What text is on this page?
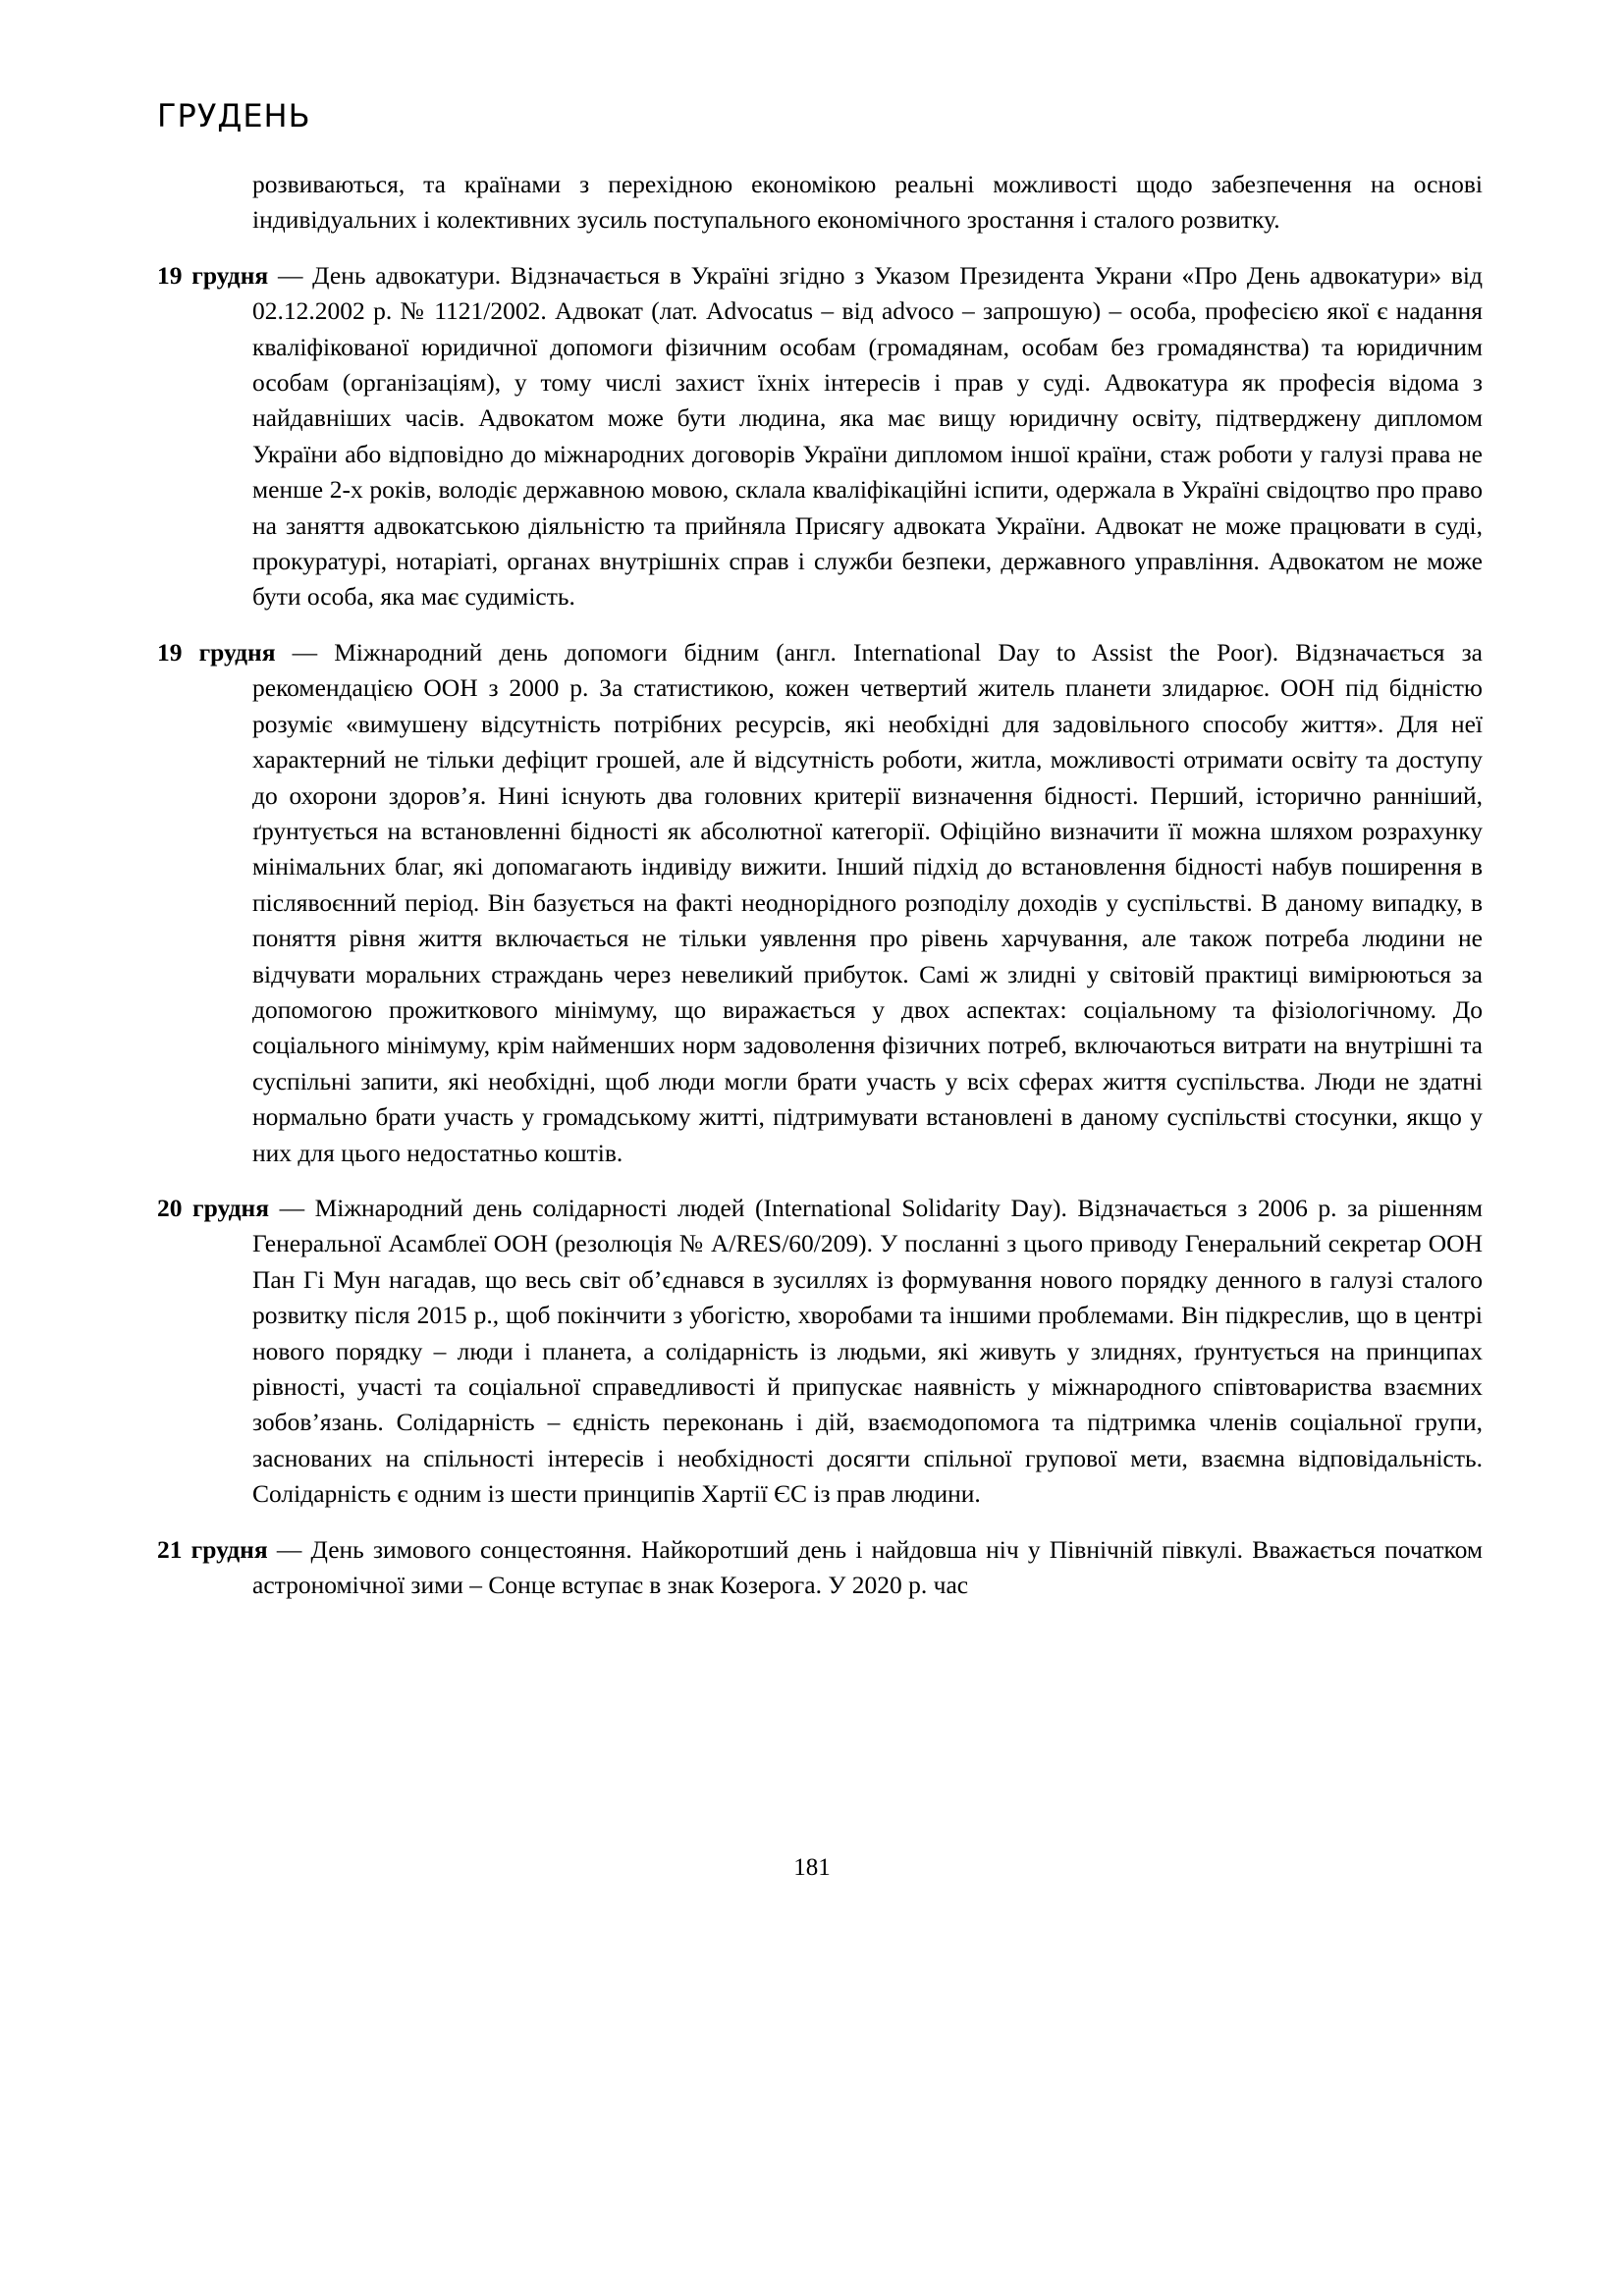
ГРУДЕНЬ

розвиваються, та країнами з перехідною економікою реальні можливості щодо забезпечення на основі індивідуальних і колективних зусиль поступального економічного зростання і сталого розвитку.

19 грудня — День адвокатури. Відзначається в Україні згідно з Указом Президента Украни «Про День адвокатури» від 02.12.2002 р. № 1121/2002. Адвокат (лат. Advocatus – від advoco – запрошую) – особа, професією якої є надання кваліфікованої юридичної допомоги фізичним особам (громадянам, особам без громадянства) та юридичним особам (організаціям), у тому числі захист їхніх інтересів і прав у суді. Адвокатура як професія відома з найдавніших часів. Адвокатом може бути людина, яка має вищу юридичну освіту, підтверджену дипломом України або відповідно до міжнародних договорів України дипломом іншої країни, стаж роботи у галузі права не менше 2-х років, володіє державною мовою, склала кваліфікаційні іспити, одержала в Україні свідоцтво про право на заняття адвокатською діяльністю та прийняла Присягу адвоката України. Адвокат не може працювати в суді, прокуратурі, нотаріаті, органах внутрішніх справ і служби безпеки, державного управління. Адвокатом не може бути особа, яка має судимість.

19 грудня — Міжнародний день допомоги бідним (англ. International Day to Assist the Poor). Відзначається за рекомендацією ООН з 2000 р. За статистикою, кожен четвертий житель планети злидарює. ООН під бідністю розуміє «вимушену відсутність потрібних ресурсів, які необхідні для задовільного способу життя». Для неї характерний не тільки дефіцит грошей, але й відсутність роботи, житла, можливості отримати освіту та доступу до охорони здоров’я. Нині існують два головних критерії визначення бідності. Перший, історично ранніший, ґрунтується на встановленні бідності як абсолютної категорії. Офіційно визначити її можна шляхом розрахунку мінімальних благ, які допомагають індивіду вижити. Інший підхід до встановлення бідності набув поширення в післявоєнний період. Він базується на факті неоднорідного розподілу доходів у суспільстві. В даному випадку, в поняття рівня життя включається не тільки уявлення про рівень харчування, але також потреба людини не відчувати моральних страждань через невеликий прибуток. Самі ж злидні у світовій практиці вимірюються за допомогою прожиткового мінімуму, що виражається у двох аспектах: соціальному та фізіологічному. До соціального мінімуму, крім найменших норм задоволення фізичних потреб, включаються витрати на внутрішні та суспільні запити, які необхідні, щоб люди могли брати участь у всіх сферах життя суспільства. Люди не здатні нормально брати участь у громадському житті, підтримувати встановлені в даному суспільстві стосунки, якщо у них для цього недостатньо коштів.

20 грудня — Міжнародний день солідарності людей (International Solidarity Day). Відзначається з 2006 р. за рішенням Генеральної Асамблеї ООН (резолюція № A/RES/60/209). У посланні з цього приводу Генеральний секретар ООН Пан Гі Мун нагадав, що весь світ об’єднався в зусиллях із формування нового порядку денного в галузі сталого розвитку після 2015 р., щоб покінчити з убогістю, хворобами та іншими проблемами. Він підкреслив, що в центрі нового порядку – люди і планета, а солідарність із людьми, які живуть у злиднях, ґрунтується на принципах рівності, участі та соціальної справедливості й припускає наявність у міжнародного співтовариства взаємних зобов’язань. Солідарність – єдність переконань і дій, взаємодопомога та підтримка членів соціальної групи, заснованих на спільності інтересів і необхідності досягти спільної групової мети, взаємна відповідальність. Солідарність є одним із шести принципів Хартії ЄС із прав людини.

21 грудня — День зимового сонцестояння. Найкоротший день і найдовша ніч у Північній півкулі. Вважається початком астрономічної зими – Сонце вступає в знак Козерога. У 2020 р. час

181
